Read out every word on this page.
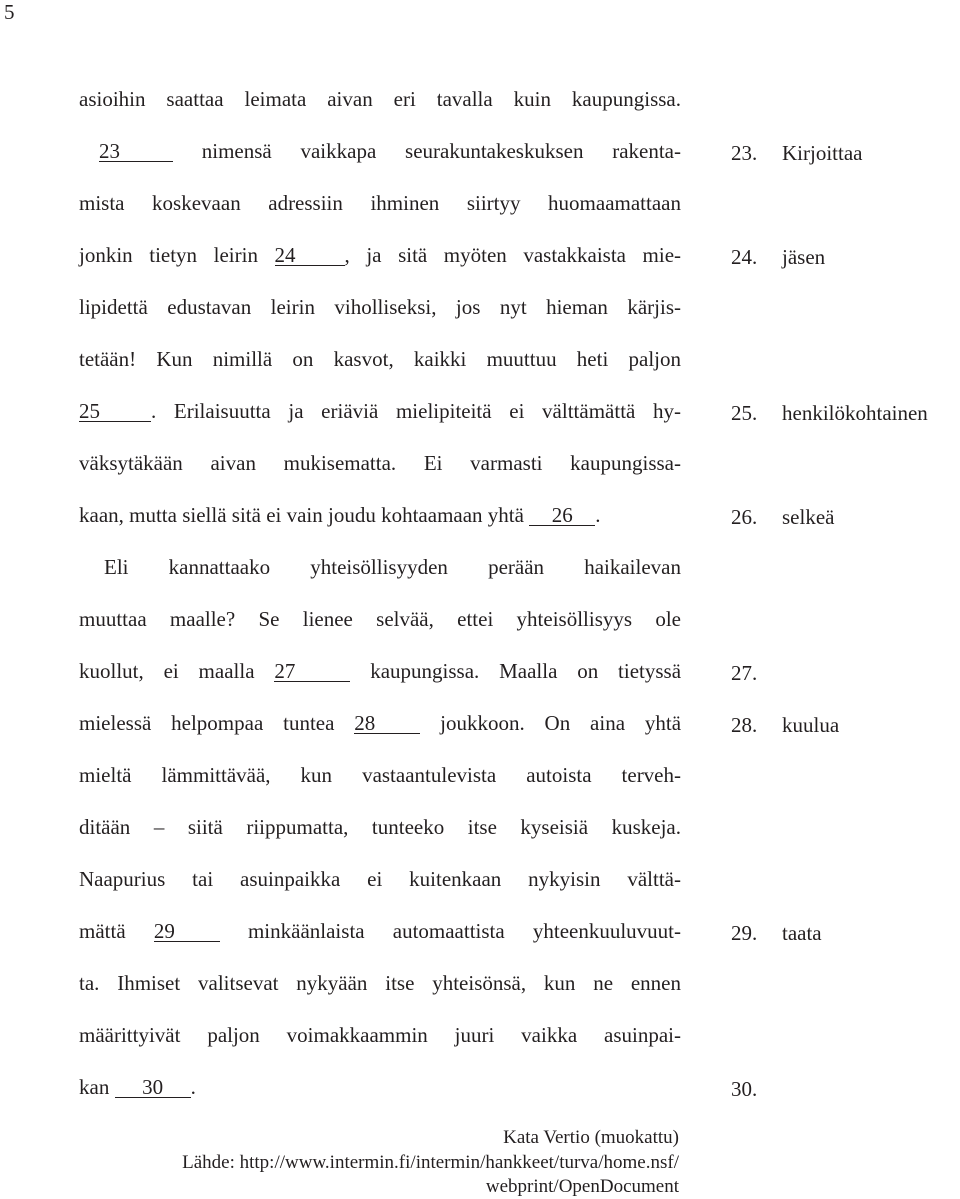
5
asioihin saattaa leimata aivan eri tavalla kuin kaupungissa.
23	nimensä vaikkapa seurakuntakeskuksen rakenta-
mista koskevaan adressiin ihminen siirtyy huomaamattaan
jonkin tietyn leirin 24 , ja sitä myöten vastakkaista mie-
lipidettä edustavan leirin viholliseksi, jos nyt hieman kärjis-
tetään! Kun nimillä on kasvot, kaikki muuttuu heti paljon
25 . Erilaisuutta ja eriäviä mielipiteitä ei välttämättä hy-
väksytäkään aivan mukisematta. Ei varmasti kaupungissa-
kaan, mutta siellä sitä ei vain joudu kohtaamaan yhtä 26 .
Eli kannattaako yhteisöllisyyden perään haikailevan
muuttaa maalle? Se lienee selvää, ettei yhteisöllisyys ole
kuollut, ei maalla 27	kaupungissa. Maalla on tietyssä
mielessä helpompaa tuntea 28	joukkoon. On aina yhtä
mieltä lämmittävää, kun vastaantulevista autoista terveh-
ditään – siitä riippumatta, tunteeko itse kyseisiä kuskeja.
Naapurius tai asuinpaikka ei kuitenkaan nykyisin välttä-
mättä 29	minkäänlaista automaattista yhteenkuuluvuut-
ta. Ihmiset valitsevat nykyään itse yhteisönsä, kun ne ennen
määrittyivät paljon voimakkaammin juuri vaikka asuinpai-
kan 30 .
23. Kirjoittaa
24. jäsen
25. henkilökohtainen
26. selkeä
27.
28. kuulua
29. taata
30.
Kata Vertio (muokattu)
Lähde: http://www.intermin.fi/intermin/hankkeet/turva/home.nsf/
webprint/OpenDocument
